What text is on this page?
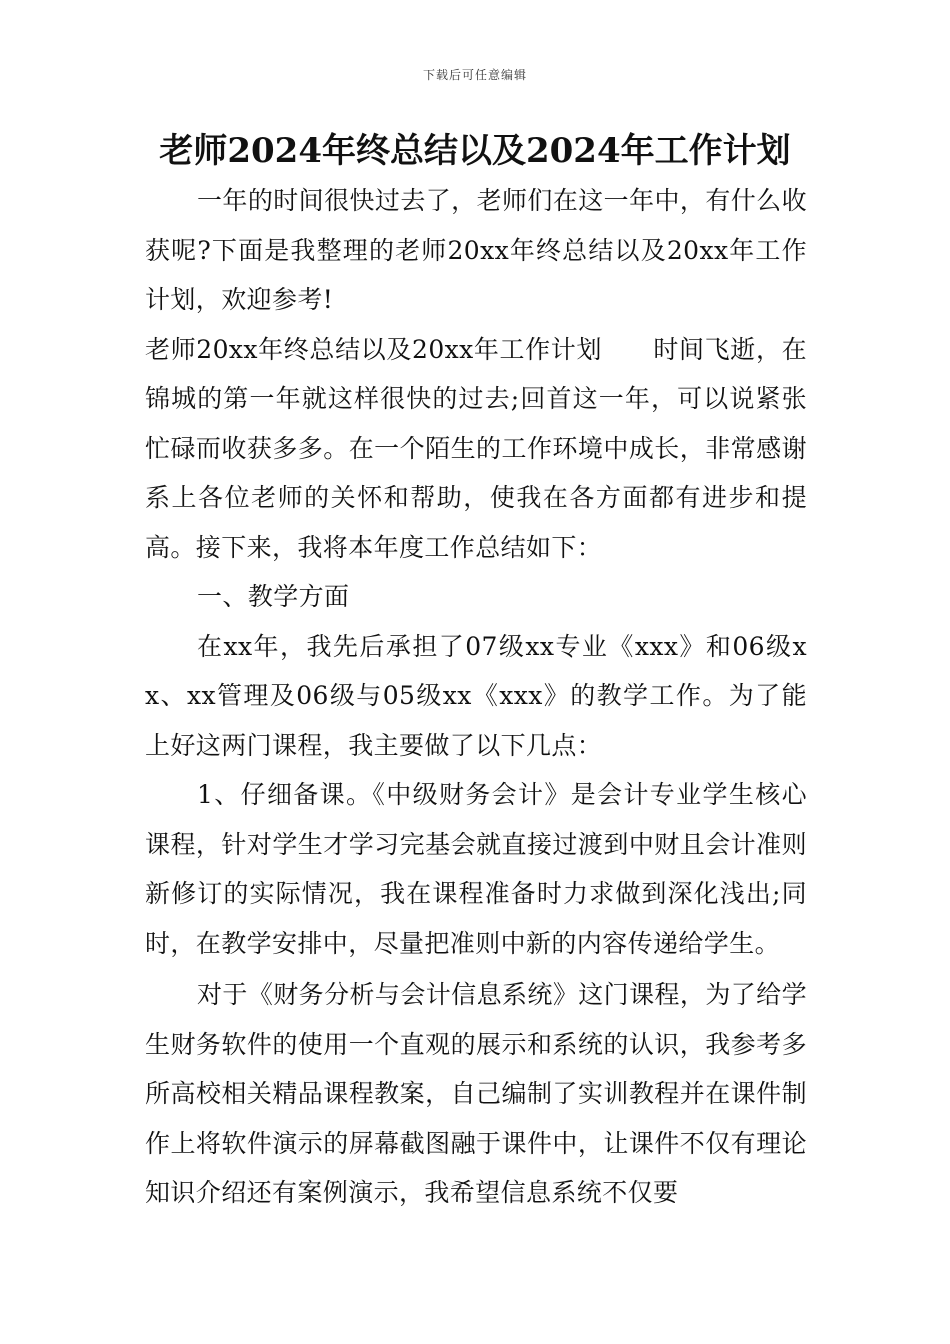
下载后可任意编辑
老师2024年终总结以及2024年工作计划

一年的时间很快过去了，老师们在这一年中，有什么收获呢?下面是我整理的老师20xx年终总结以及20xx年工作计划，欢迎参考!

老师20xx年终总结以及20xx年工作计划　　时间飞逝，在锦城的第一年就这样很快的过去;回首这一年，可以说紧张忙碌而收获多多。在一个陌生的工作环境中成长，非常感谢系上各位老师的关怀和帮助，使我在各方面都有进步和提高。接下来，我将本年度工作总结如下：

一、教学方面

在xx年，我先后承担了07级xx专业《xxx》和06级xx、xx管理及06级与05级xx《xxx》的教学工作。为了能上好这两门课程，我主要做了以下几点：

1、仔细备课。《中级财务会计》是会计专业学生核心课程，针对学生才学习完基会就直接过渡到中财且会计准则新修订的实际情况，我在课程准备时力求做到深化浅出;同时，在教学安排中，尽量把准则中新的内容传递给学生。

对于《财务分析与会计信息系统》这门课程，为了给学生财务软件的使用一个直观的展示和系统的认识，我参考多所高校相关精品课程教案，自己编制了实训教程并在课件制作上将软件演示的屏幕截图融于课件中，让课件不仅有理论知识介绍还有案例演示，我希望信息系统不仅要
